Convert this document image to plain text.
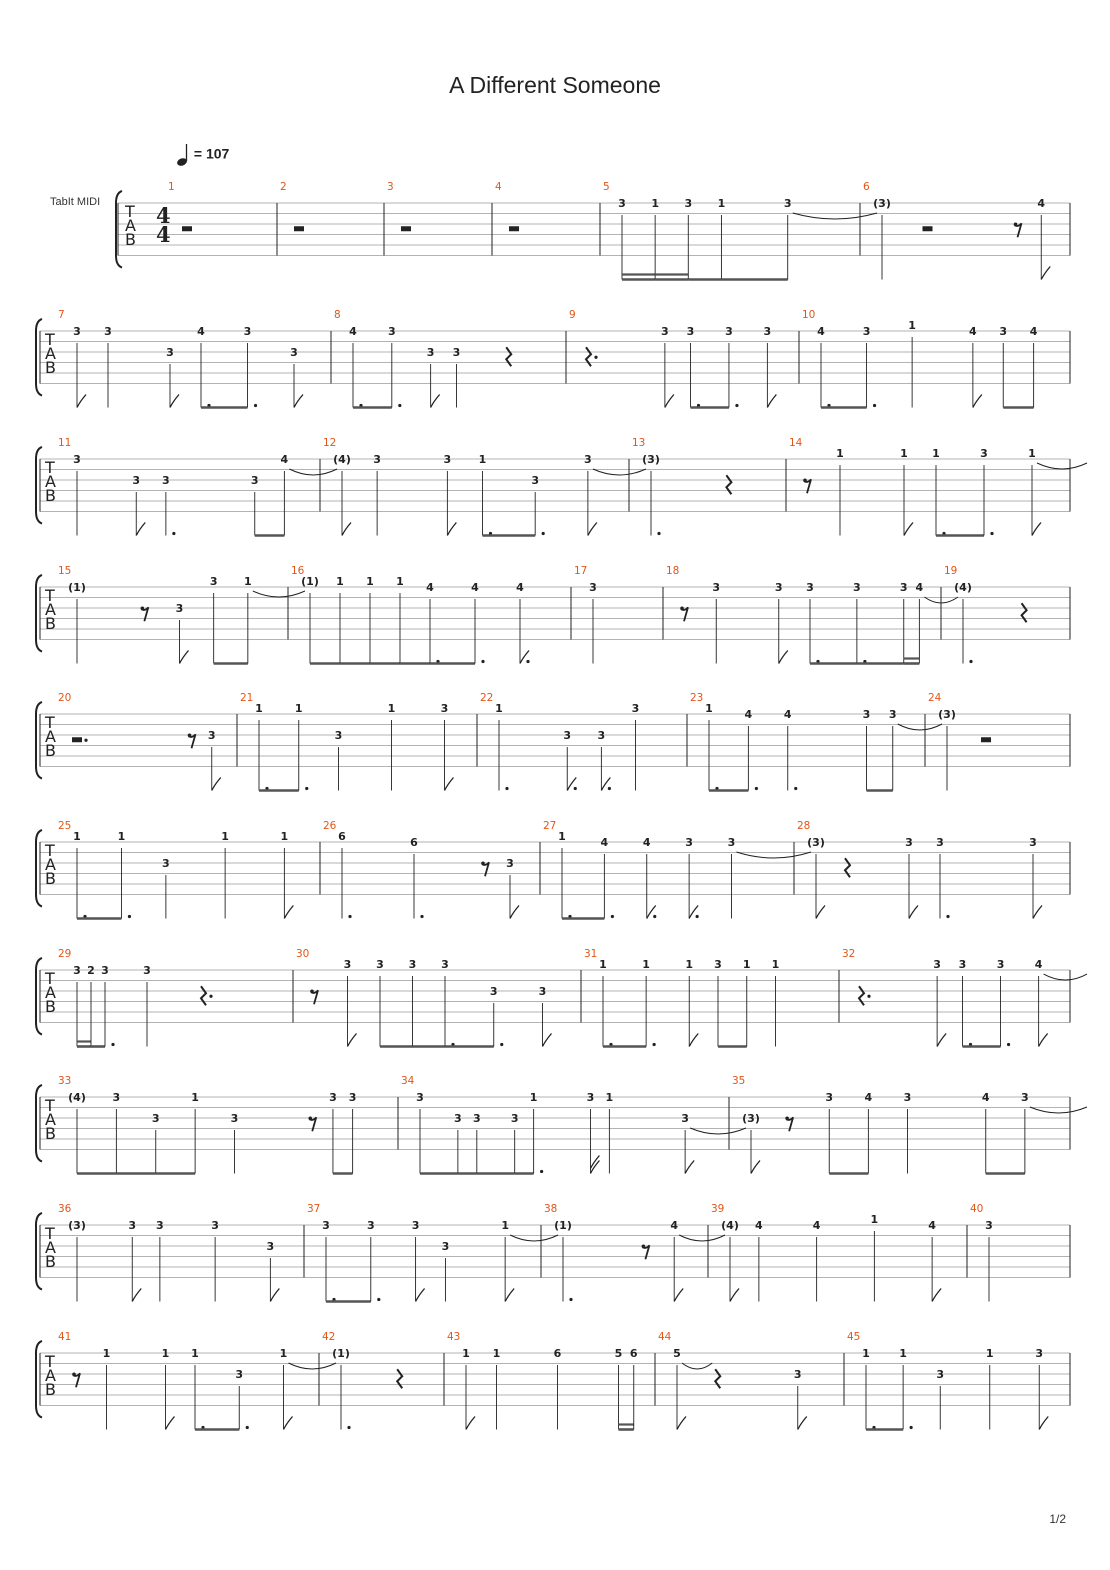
A Different Someone
= 107
TabIt MIDI
1/2
T
A
B
4
4
1	2	3	4	5
3 1 3 1	3
6
(3)	4
T
A
B
7
3 3
3
4	3
3
8
4	3
3 3
9
3 3	3	3
10
4	3	1	4 3 4
T
A
B
11
3
3 3	3
4
12
(4) 3	3 1
3
3
13
(3)
14
1	1 1	3	1
T
A
B
15
(1)
3
3 1
16
(1) 1 1 1 4	4	4
17
3
18
3	3 3	3	3 4
19
(4)
T
A
B
20
3
21
1	1
3
1	3
22
1
3 3
3
23
1	4	4	3 3
24
(3)
T
A
B
25
1	1
3
1	1
26
6	6
3
27
1	4	4	3	3
28
(3)	3 3	3
T
A
B
29
3 2 3	3
30
3 3 3 3
3	3
31
1	1	1 3 1 1
32
3 3	3	4
T
A
B
33
(4) 3
3
1
3
3 3
34
3
3 3	3
1	3 1
3
35
(3)
3	4	3	4	3
T
A
B
36
(3)	3 3	3
3
37
3	3	3
3
1
38
(1)	4
39
(4) 4	4	1	4
40
3
T
A
B
41
1	1 1
3
1
42
(1)
43
1 1	6	5 6
44
5
3
45
1	1
3
1	3
